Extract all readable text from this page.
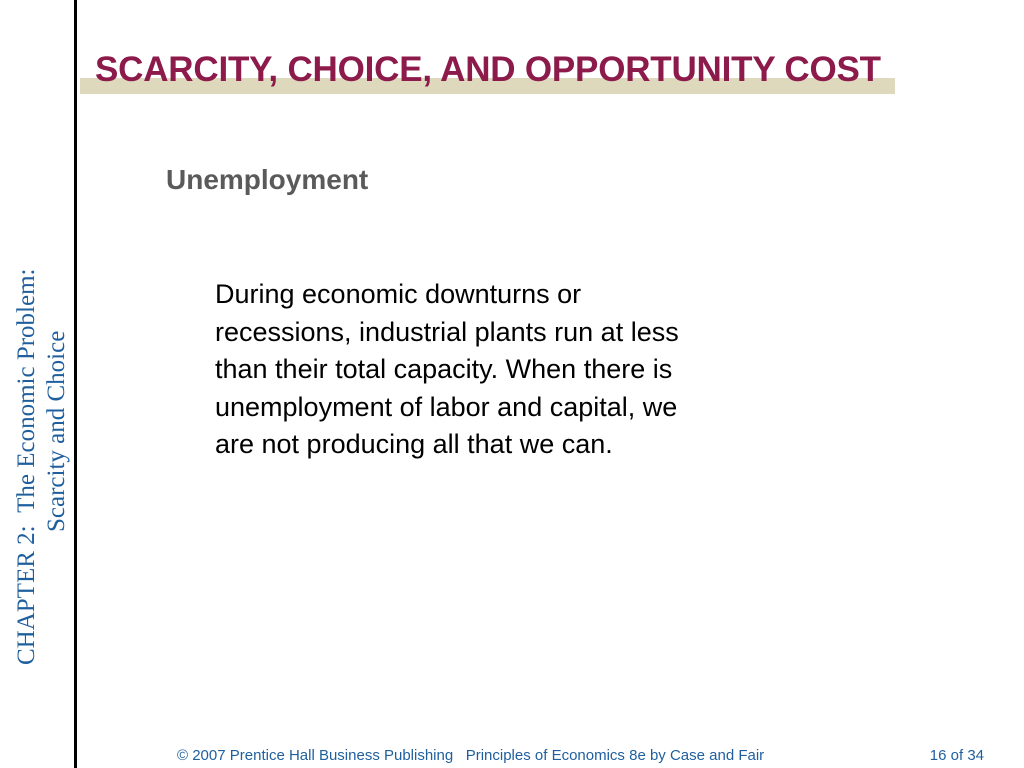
SCARCITY, CHOICE, AND OPPORTUNITY COST
CHAPTER 2:  The Economic Problem: Scarcity and Choice
Unemployment

During economic downturns or
recessions, industrial plants run at less
than their total capacity. When there is
unemployment of labor and capital, we
are not producing all that we can.

© 2007 Prentice Hall Business Publishing   Principles of Economics 8e by Case and Fair	16 of 34
